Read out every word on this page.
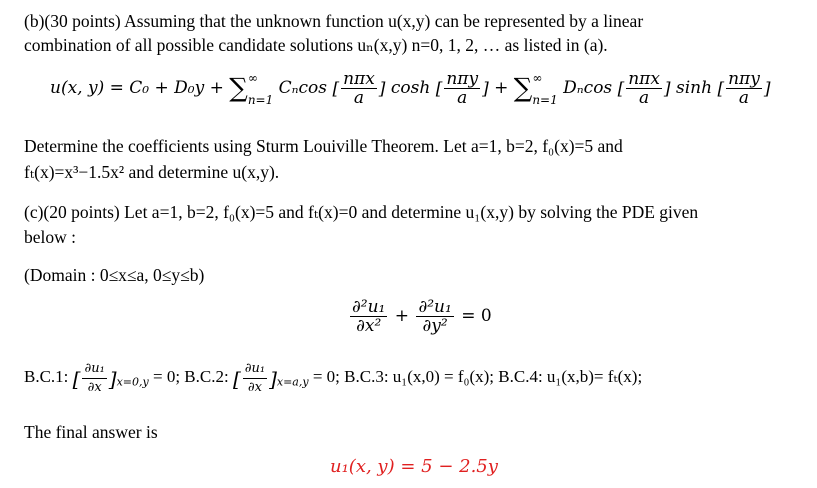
(b)(30 points) Assuming that the unknown function u(x,y) can be represented by a linear
combination of all possible candidate solutions uₙ(x,y) n=0, 1, 2, … as listed in (a).
u(x, y) = C₀ + D₀y + ∑ ∞
n=1
Cₙcos [ $\frac{\text{nπx}}{a}$ ] cosh [ $\frac{\text{nπy}}{a}$ ] + ∑ ∞
n=1
Dₙcos [ $\frac{\text{nπx}}{a}$ ] sinh [ $\frac{\text{nπy}}{a}$ ]
Determine the coefficients using Sturm Louiville Theorem. Let a=1, b=2, f₀(x)=5 and
fₜ(x)=x³−1.5x² and determine u(x,y).
(c)(20 points) Let a=1, b=2, f₀(x)=5 and fₜ(x)=0 and determine u₁(x,y) by solving the PDE given
below :
(Domain : 0≤x≤a, 0≤y≤b)
$\frac{\text{∂²u₁}}{\text{∂x²}} + \frac{\text{∂²u₁}}{\text{∂y²}} = 0$
B.C.1: [ $\frac{\text{∂u₁}}{\partial x} ]_{x=0,y} = 0$; B.C.2: [ $\frac{\text{∂u₁}}{\partial x} ]_{x=a,y} = 0$; B.C.3: u₁(x,0) = f₀(x); B.C.4: u₁(x,b)= fₜ(x);
The final answer is
u₁(x, y) = 5 − 2.5y
